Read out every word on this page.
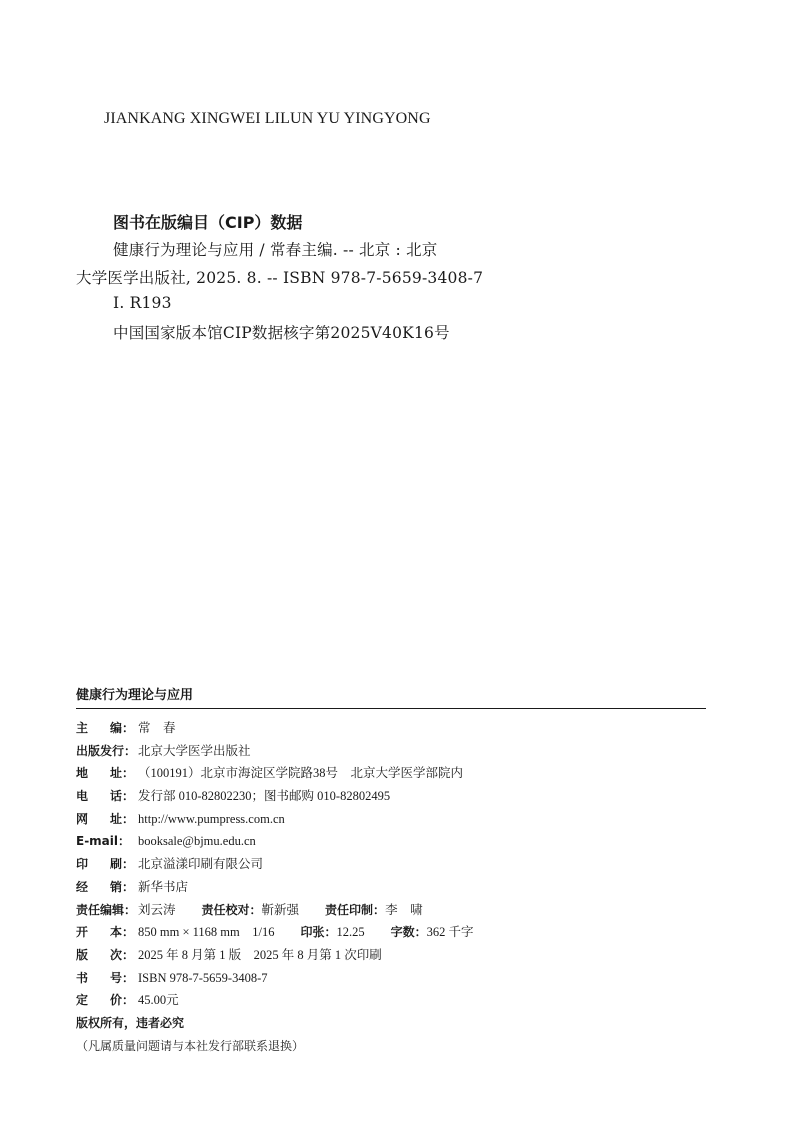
JIANKANG XINGWEI LILUN YU YINGYONG
图书在版编目（CIP）数据
健康行为理论与应用 / 常春主编. -- 北京 : 北京
大学医学出版社, 2025. 8. -- ISBN 978-7-5659-3408-7
Ⅰ. R193
中国国家版本馆CIP数据核字第2025V40K16号
健康行为理论与应用
主 编： 常　春
出版发行： 北京大学医学出版社
地 址： （100191）北京市海淀区学院路38号　北京大学医学部院内
电 话： 发行部 010-82802230；图书邮购 010-82802495
网 址： http://www.pumpress.com.cn
E-mail： booksale@bjmu.edu.cn
印 刷： 北京溢漾印刷有限公司
经 销： 新华书店
责任编辑： 刘云涛 责任校对：靳新强 责任印制：李　啸
开 本： 850 mm × 1168 mm　1/16 印张：12.25 字数：362 千字
版 次： 2025 年 8 月第 1 版　2025 年 8 月第 1 次印刷
书 号： ISBN 978-7-5659-3408-7
定 价： 45.00元
版权所有，违者必究
（凡属质量问题请与本社发行部联系退换）
